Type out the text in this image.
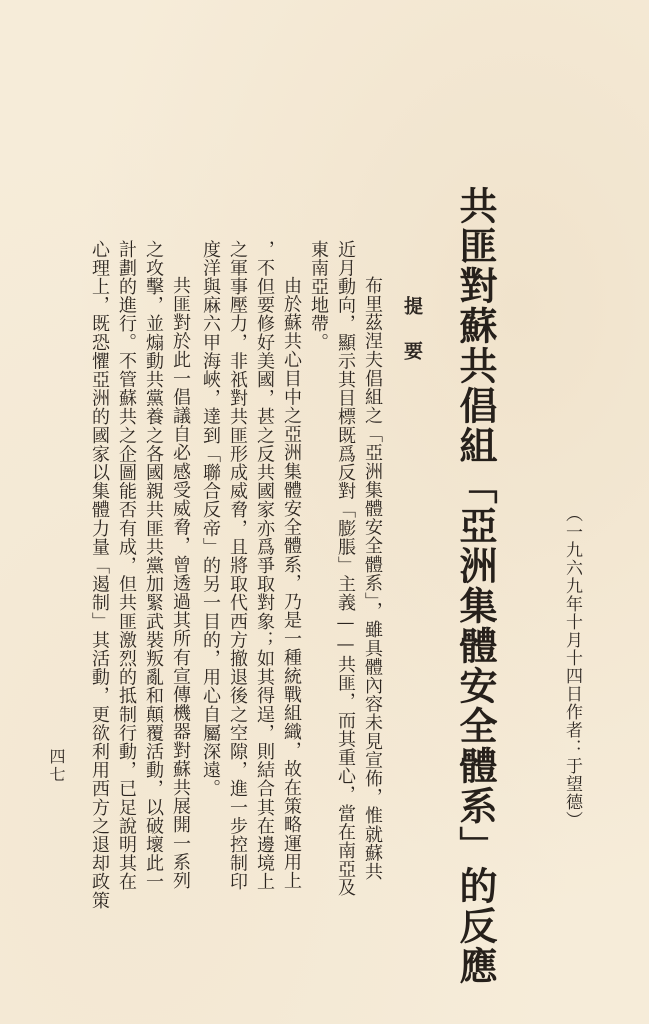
（一九六九年十月十四日作者：于望德）
共匪對蘇共倡組「亞洲集體安全體系」的反應
提要
布里茲涅夫倡組之「亞洲集體安全體系」，雖具體內容未見宣佈，惟就蘇共
近月動向，顯示其目標既爲反對「膨脹」主義——共匪，而其重心，當在南亞及
東南亞地帶。
由於蘇共心目中之亞洲集體安全體系，乃是一種統戰組織，故在策略運用上
，不但要修好美國，甚之反共國家亦爲爭取對象；如其得逞，則結合其在邊境上
之軍事壓力，非祇對共匪形成威脅，且將取代西方撤退後之空隙，進一步控制印
度洋與麻六甲海峽，達到「聯合反帝」的另一目的，用心自屬深遠。
共匪對於此一倡議自必感受威脅，曾透過其所有宣傳機器對蘇共展開一系列
之攻擊，並煽動共黨養之各國親共匪共黨加緊武裝叛亂和顛覆活動，以破壞此一
計劃的進行。不管蘇共之企圖能否有成，但共匪激烈的抵制行動，已足說明其在
心理上，既恐懼亞洲的國家以集體力量「遏制」其活動，更欲利用西方之退却政策
四七
